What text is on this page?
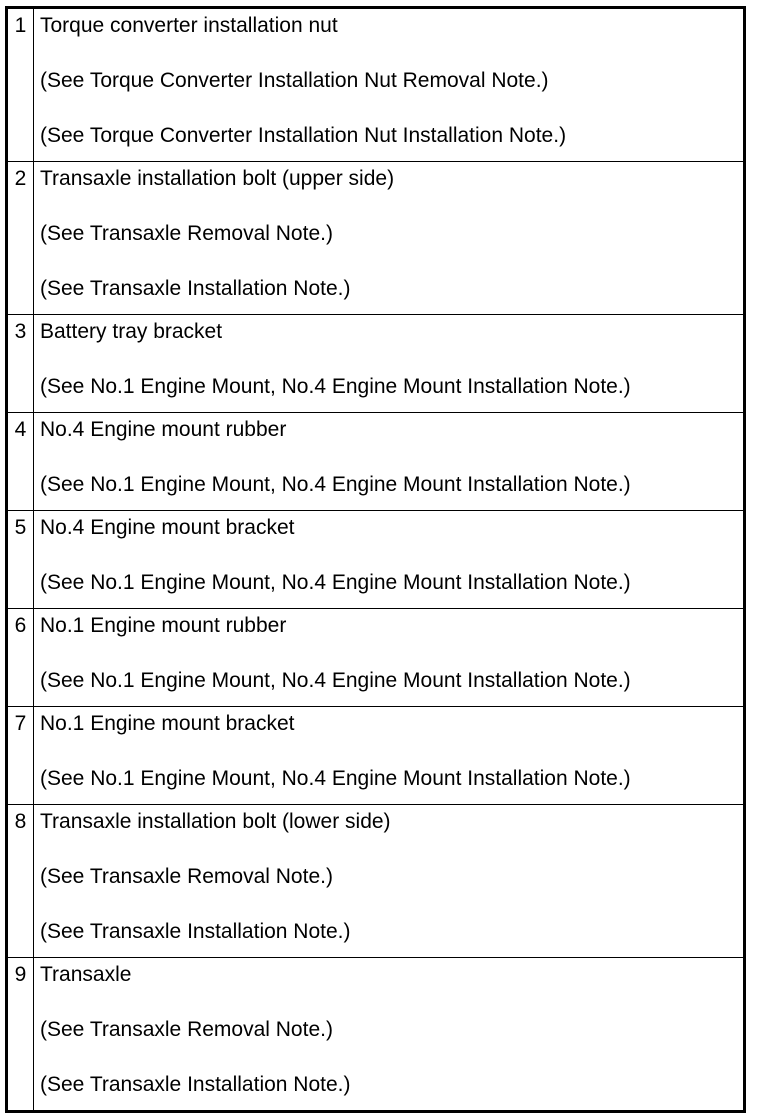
1	Torque converter installation nut
(See Torque Converter Installation Nut Removal Note.)
(See Torque Converter Installation Nut Installation Note.)

2	Transaxle installation bolt (upper side)
(See Transaxle Removal Note.)
(See Transaxle Installation Note.)

3	Battery tray bracket
(See No.1 Engine Mount, No.4 Engine Mount Installation Note.)

4	No.4 Engine mount rubber
(See No.1 Engine Mount, No.4 Engine Mount Installation Note.)

5	No.4 Engine mount bracket
(See No.1 Engine Mount, No.4 Engine Mount Installation Note.)

6	No.1 Engine mount rubber
(See No.1 Engine Mount, No.4 Engine Mount Installation Note.)

7	No.1 Engine mount bracket
(See No.1 Engine Mount, No.4 Engine Mount Installation Note.)

8	Transaxle installation bolt (lower side)
(See Transaxle Removal Note.)
(See Transaxle Installation Note.)

9	Transaxle
(See Transaxle Removal Note.)
(See Transaxle Installation Note.)
